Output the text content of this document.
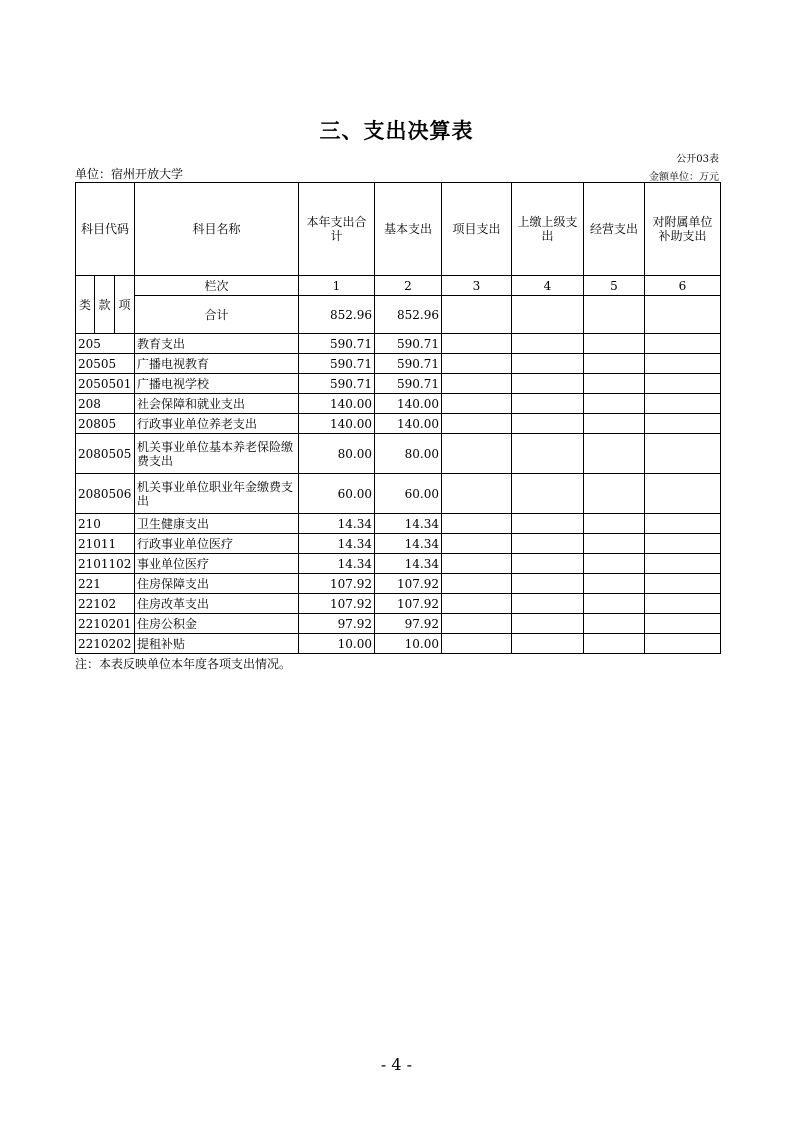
三、支出决算表
公开03表
单位：宿州开放大学	金额单位：万元
科目代码			科目名称	本年支出合计	基本支出	项目支出	上缴上级支出	经营支出	对附属单位补助支出
类	款	项	栏次	1	2	3	4	5	6
			合计	852.96	852.96				
205			教育支出	590.71	590.71				
20505			广播电视教育	590.71	590.71				
2050501			广播电视学校	590.71	590.71				
208			社会保障和就业支出	140.00	140.00				
20805			行政事业单位养老支出	140.00	140.00				
2080505			机关事业单位基本养老保险缴费支出	80.00	80.00				
2080506			机关事业单位职业年金缴费支出	60.00	60.00				
210			卫生健康支出	14.34	14.34				
21011			行政事业单位医疗	14.34	14.34				
2101102			事业单位医疗	14.34	14.34				
221			住房保障支出	107.92	107.92				
22102			住房改革支出	107.92	107.92				
2210201			住房公积金	97.92	97.92				
2210202			提租补贴	10.00	10.00				
注：本表反映单位本年度各项支出情况。
- 4 -
